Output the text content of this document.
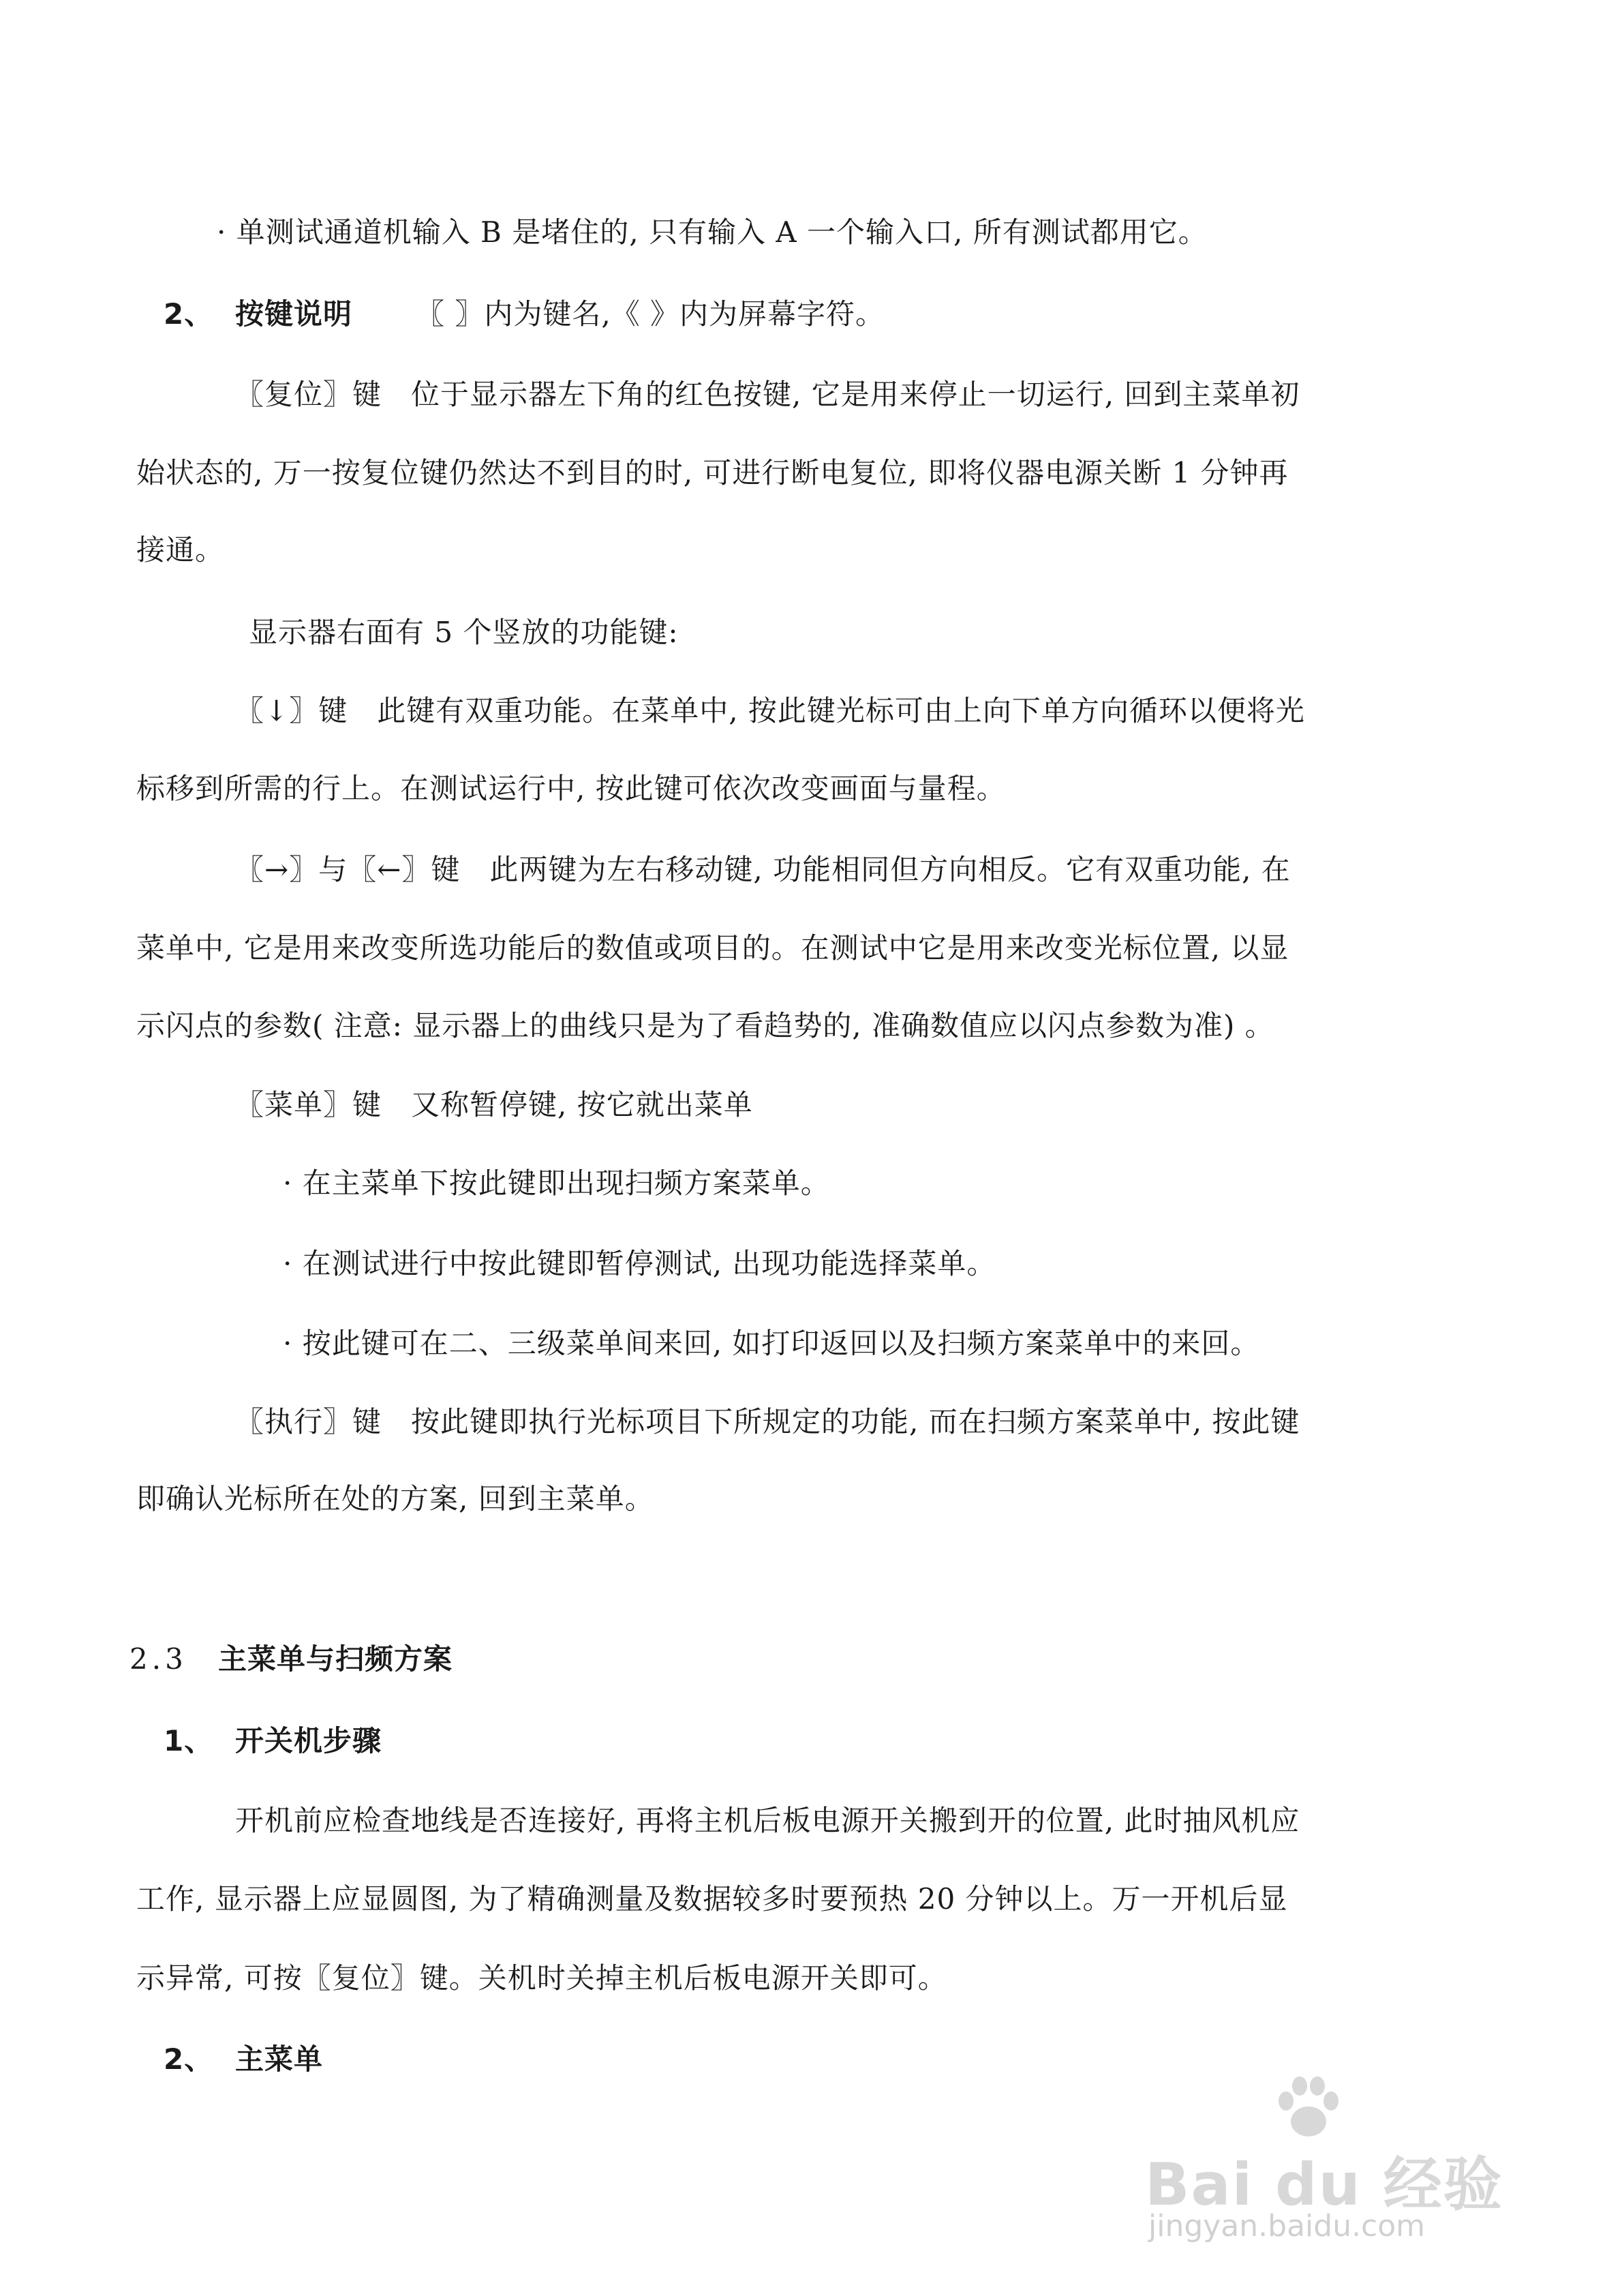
· 单测试通道机输入 B 是堵住的, 只有输入 A 一个输入口, 所有测试都用它。
2、 按键说明 〖 〗内为键名,《 》内为屏幕字符。
〖复位〗键　位于显示器左下角的红色按键, 它是用来停止一切运行, 回到主菜单初
始状态的, 万一按复位键仍然达不到目的时, 可进行断电复位, 即将仪器电源关断 1 分钟再
接通。
显示器右面有 5 个竖放的功能键:
〖↓〗键　此键有双重功能。在菜单中, 按此键光标可由上向下单方向循环以便将光
标移到所需的行上。在测试运行中, 按此键可依次改变画面与量程。
〖→〗与〖←〗键　此两键为左右移动键, 功能相同但方向相反。它有双重功能, 在
菜单中, 它是用来改变所选功能后的数值或项目的。在测试中它是用来改变光标位置, 以显
示闪点的参数( 注意: 显示器上的曲线只是为了看趋势的, 准确数值应以闪点参数为准) 。
〖菜单〗键　又称暂停键, 按它就出菜单
· 在主菜单下按此键即出现扫频方案菜单。
· 在测试进行中按此键即暂停测试, 出现功能选择菜单。
· 按此键可在二、三级菜单间来回, 如打印返回以及扫频方案菜单中的来回。
〖执行〗键　按此键即执行光标项目下所规定的功能, 而在扫频方案菜单中, 按此键
即确认光标所在处的方案, 回到主菜单。
2.3 主菜单与扫频方案
1、 开关机步骤
开机前应检查地线是否连接好, 再将主机后板电源开关搬到开的位置, 此时抽风机应
工作, 显示器上应显圆图, 为了精确测量及数据较多时要预热 20 分钟以上。万一开机后显
示异常, 可按〖复位〗键。关机时关掉主机后板电源开关即可。
2、 主菜单
Bai du 经验
jingyan.baidu.com
